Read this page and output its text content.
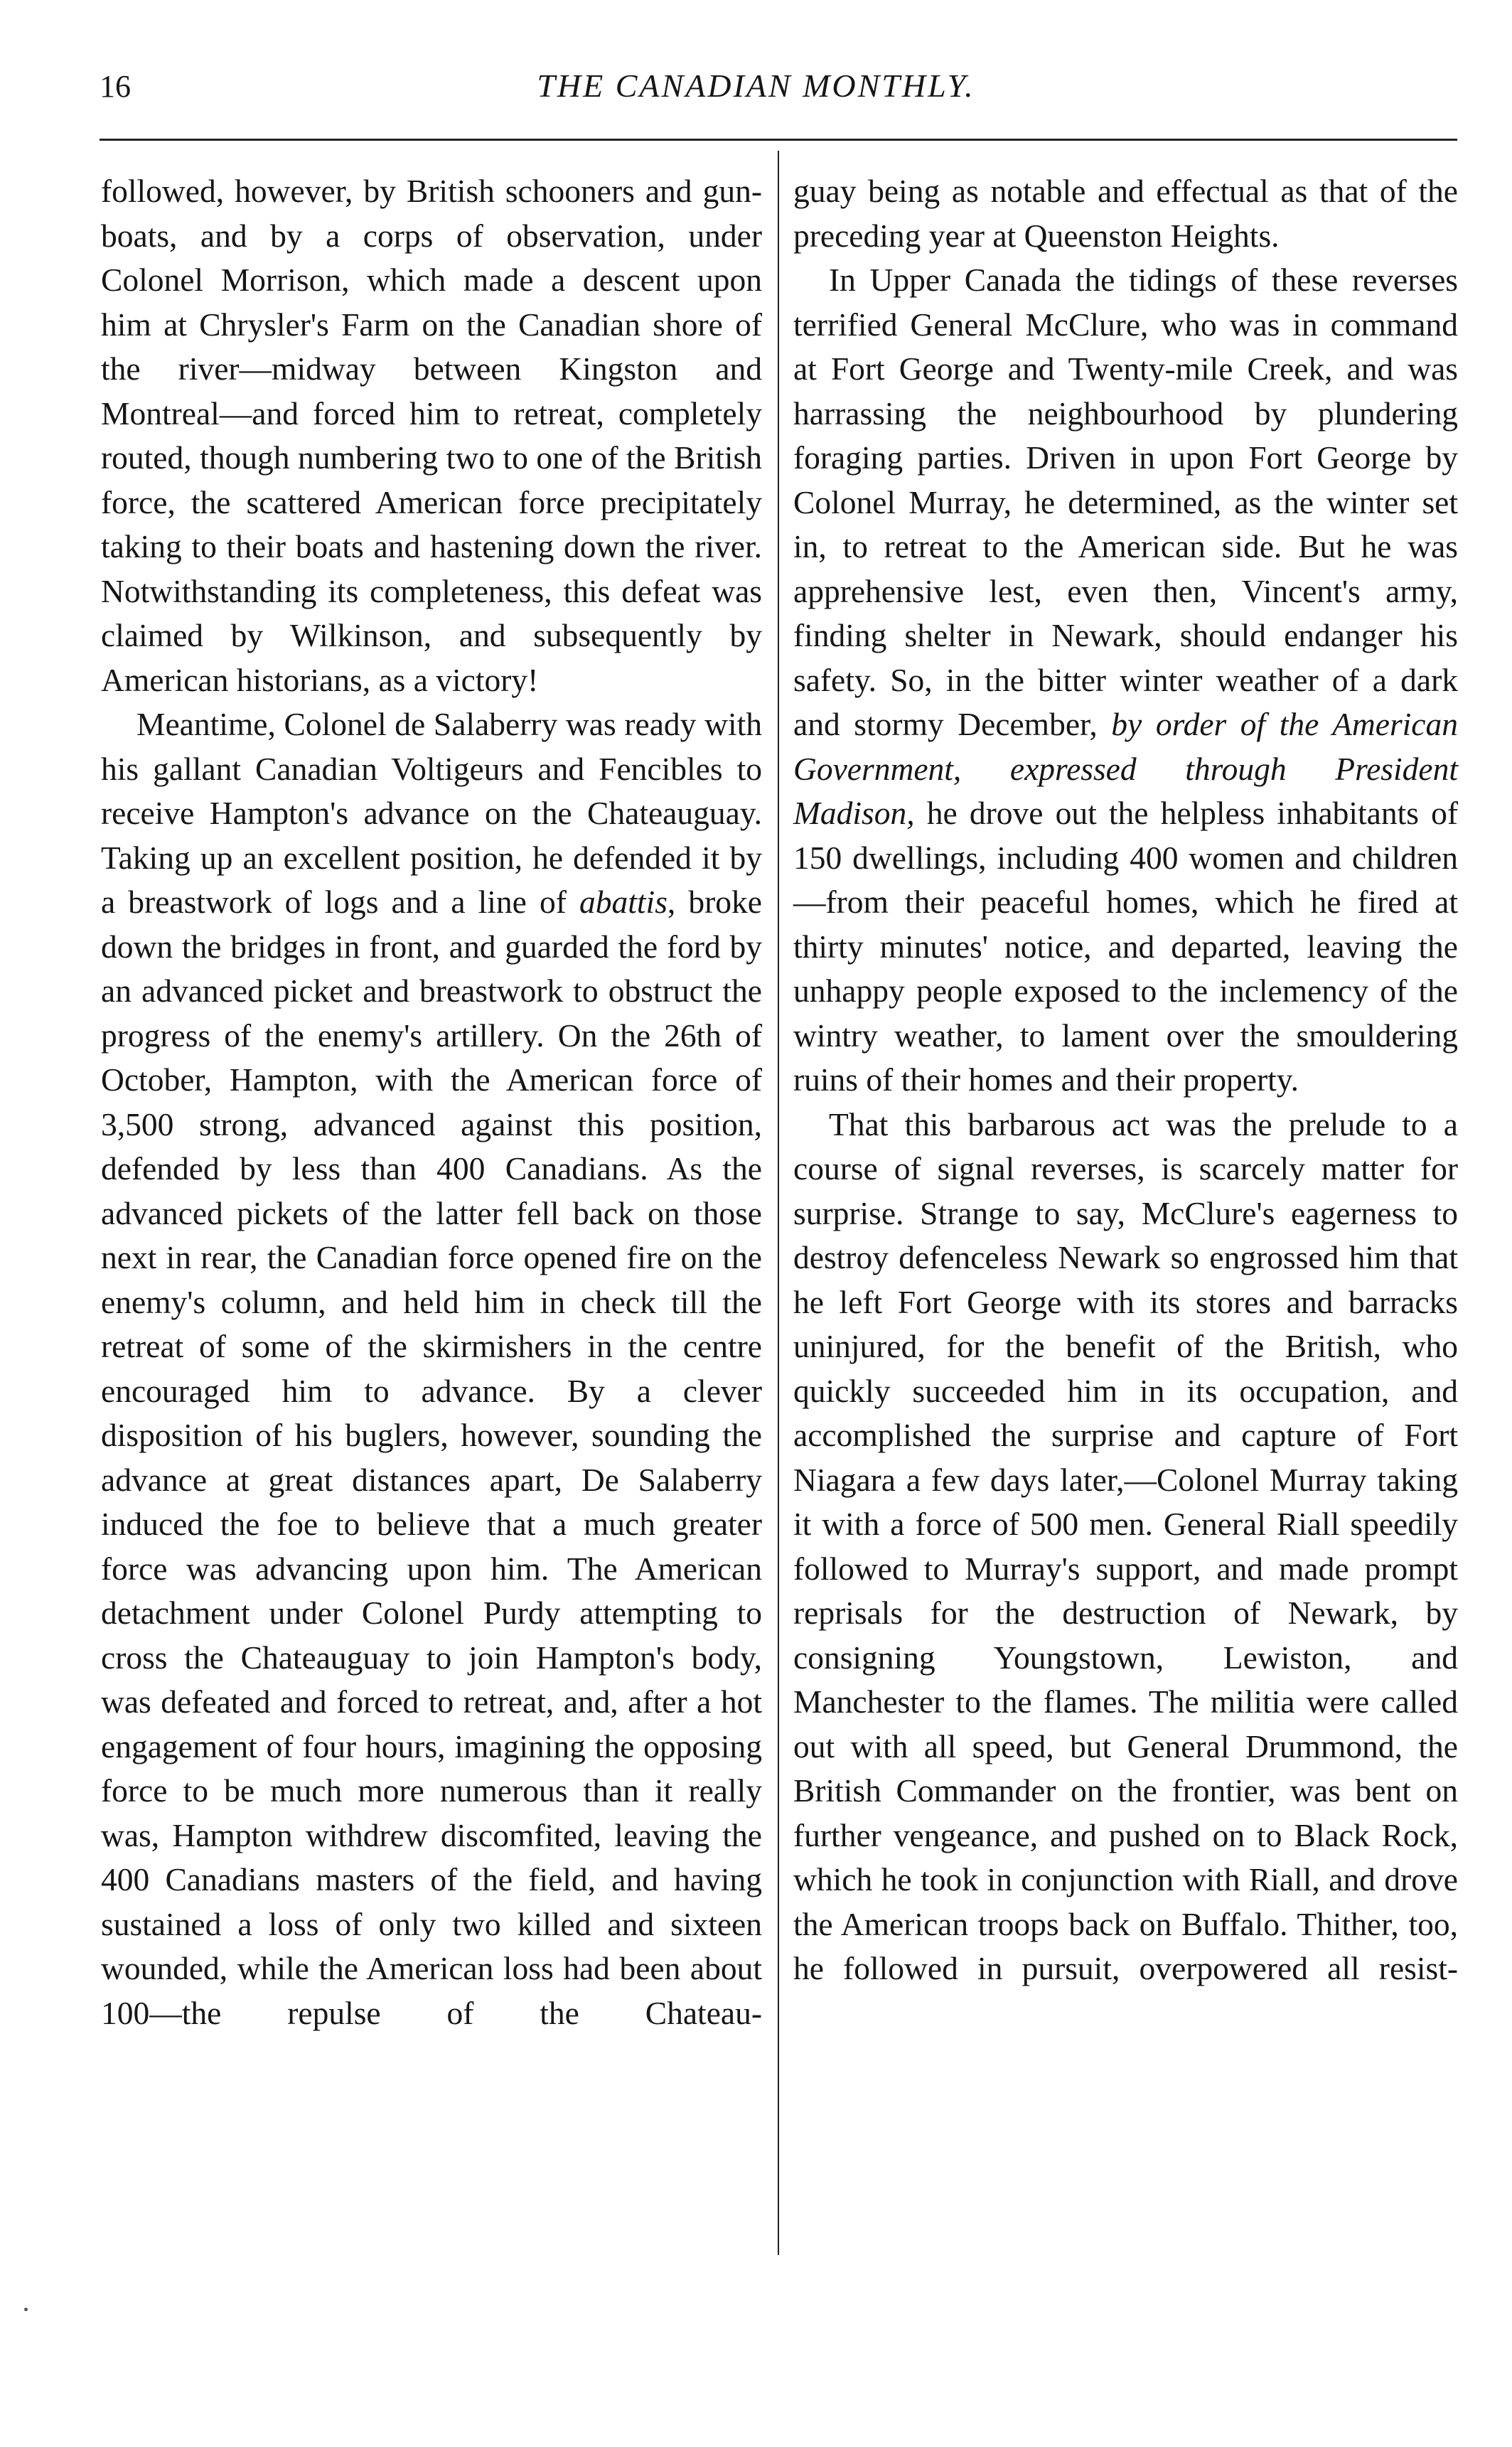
16	THE CANADIAN MONTHLY.

followed, however, by British schooners and gun-boats, and by a corps of observation, under Colonel Morrison, which made a descent upon him at Chrysler's Farm on the Canadian shore of the river—midway between Kingston and Montreal—and forced him to retreat, completely routed, though numbering two to one of the British force, the scattered American force precipitately taking to their boats and hastening down the river. Notwithstanding its completeness, this defeat was claimed by Wilkinson, and subsequently by American historians, as a victory!

Meantime, Colonel de Salaberry was ready with his gallant Canadian Voltigeurs and Fencibles to receive Hampton's advance on the Chateauguay. Taking up an excellent position, he defended it by a breastwork of logs and a line of abattis, broke down the bridges in front, and guarded the ford by an advanced picket and breastwork to obstruct the progress of the enemy's artillery. On the 26th of October, Hampton, with the American force of 3,500 strong, advanced against this position, defended by less than 400 Canadians. As the advanced pickets of the latter fell back on those next in rear, the Canadian force opened fire on the enemy's column, and held him in check till the retreat of some of the skirmishers in the centre encouraged him to advance. By a clever disposition of his buglers, however, sounding the advance at great distances apart, De Salaberry induced the foe to believe that a much greater force was advancing upon him. The American detachment under Colonel Purdy attempting to cross the Chateauguay to join Hampton's body, was defeated and forced to retreat, and, after a hot engagement of four hours, imagining the opposing force to be much more numerous than it really was, Hampton withdrew discomfited, leaving the 400 Canadians masters of the field, and having sustained a loss of only two killed and sixteen wounded, while the American loss had been about 100—the repulse of the Chateau-

guay being as notable and effectual as that of the preceding year at Queenston Heights.

In Upper Canada the tidings of these reverses terrified General McClure, who was in command at Fort George and Twenty-mile Creek, and was harrassing the neighbourhood by plundering foraging parties. Driven in upon Fort George by Colonel Murray, he determined, as the winter set in, to retreat to the American side. But he was apprehensive lest, even then, Vincent's army, finding shelter in Newark, should endanger his safety. So, in the bitter winter weather of a dark and stormy December, by order of the American Government, expressed through President Madison, he drove out the helpless inhabitants of 150 dwellings, including 400 women and children—from their peaceful homes, which he fired at thirty minutes' notice, and departed, leaving the unhappy people exposed to the inclemency of the wintry weather, to lament over the smouldering ruins of their homes and their property.

That this barbarous act was the prelude to a course of signal reverses, is scarcely matter for surprise. Strange to say, McClure's eagerness to destroy defenceless Newark so engrossed him that he left Fort George with its stores and barracks uninjured, for the benefit of the British, who quickly succeeded him in its occupation, and accomplished the surprise and capture of Fort Niagara a few days later,—Colonel Murray taking it with a force of 500 men. General Riall speedily followed to Murray's support, and made prompt reprisals for the destruction of Newark, by consigning Youngstown, Lewiston, and Manchester to the flames. The militia were called out with all speed, but General Drummond, the British Commander on the frontier, was bent on further vengeance, and pushed on to Black Rock, which he took in conjunction with Riall, and drove the American troops back on Buffalo. Thither, too, he followed in pursuit, overpowered all resist-
